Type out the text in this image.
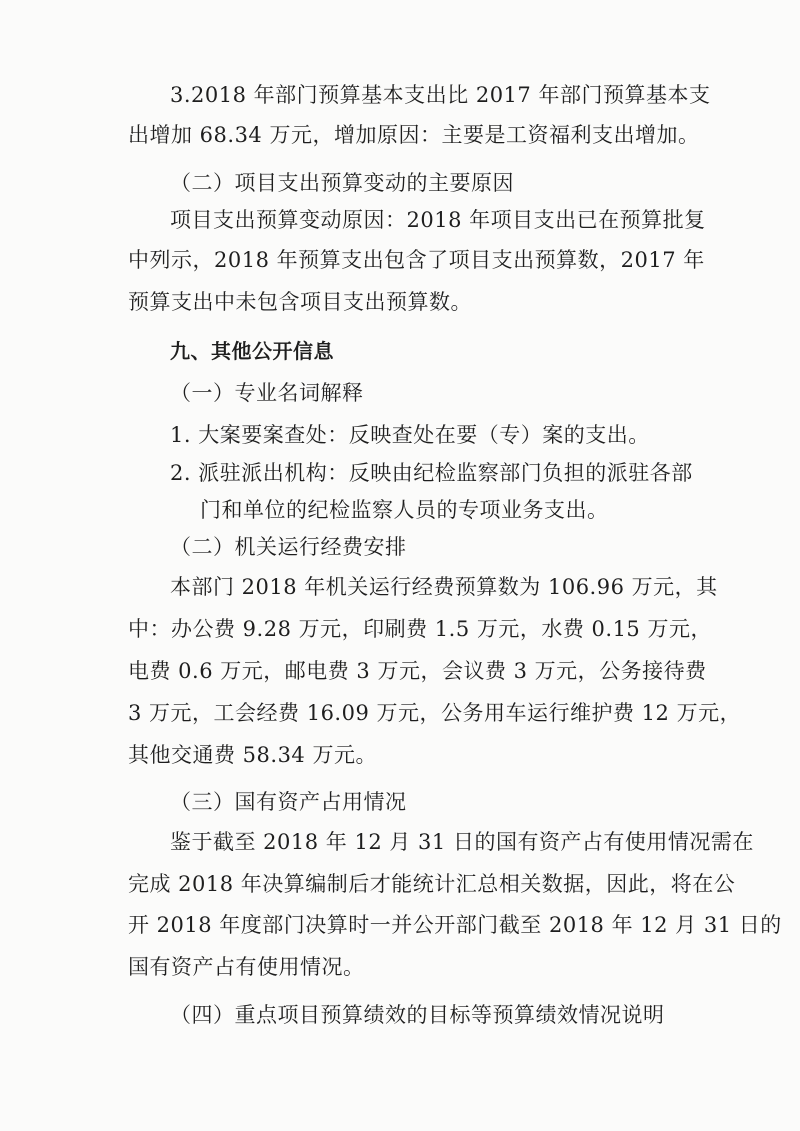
3.2018 年部门预算基本支出比 2017 年部门预算基本支
出增加 68.34 万元，增加原因：主要是工资福利支出增加。
（二）项目支出预算变动的主要原因
项目支出预算变动原因：2018 年项目支出已在预算批复
中列示，2018 年预算支出包含了项目支出预算数，2017 年
预算支出中未包含项目支出预算数。
九、其他公开信息
（一）专业名词解释
1. 大案要案查处：反映查处在要（专）案的支出。
2. 派驻派出机构：反映由纪检监察部门负担的派驻各部
门和单位的纪检监察人员的专项业务支出。
（二）机关运行经费安排
本部门 2018 年机关运行经费预算数为 106.96 万元，其
中：办公费 9.28 万元，印刷费 1.5 万元，水费 0.15 万元，
电费 0.6 万元，邮电费 3 万元，会议费 3 万元，公务接待费
3 万元，工会经费 16.09 万元，公务用车运行维护费 12 万元，
其他交通费 58.34 万元。
（三）国有资产占用情况
鉴于截至 2018 年 12 月 31 日的国有资产占有使用情况需在
完成 2018 年决算编制后才能统计汇总相关数据，因此，将在公
开 2018 年度部门决算时一并公开部门截至 2018 年 12 月 31 日的
国有资产占有使用情况。
（四）重点项目预算绩效的目标等预算绩效情况说明
